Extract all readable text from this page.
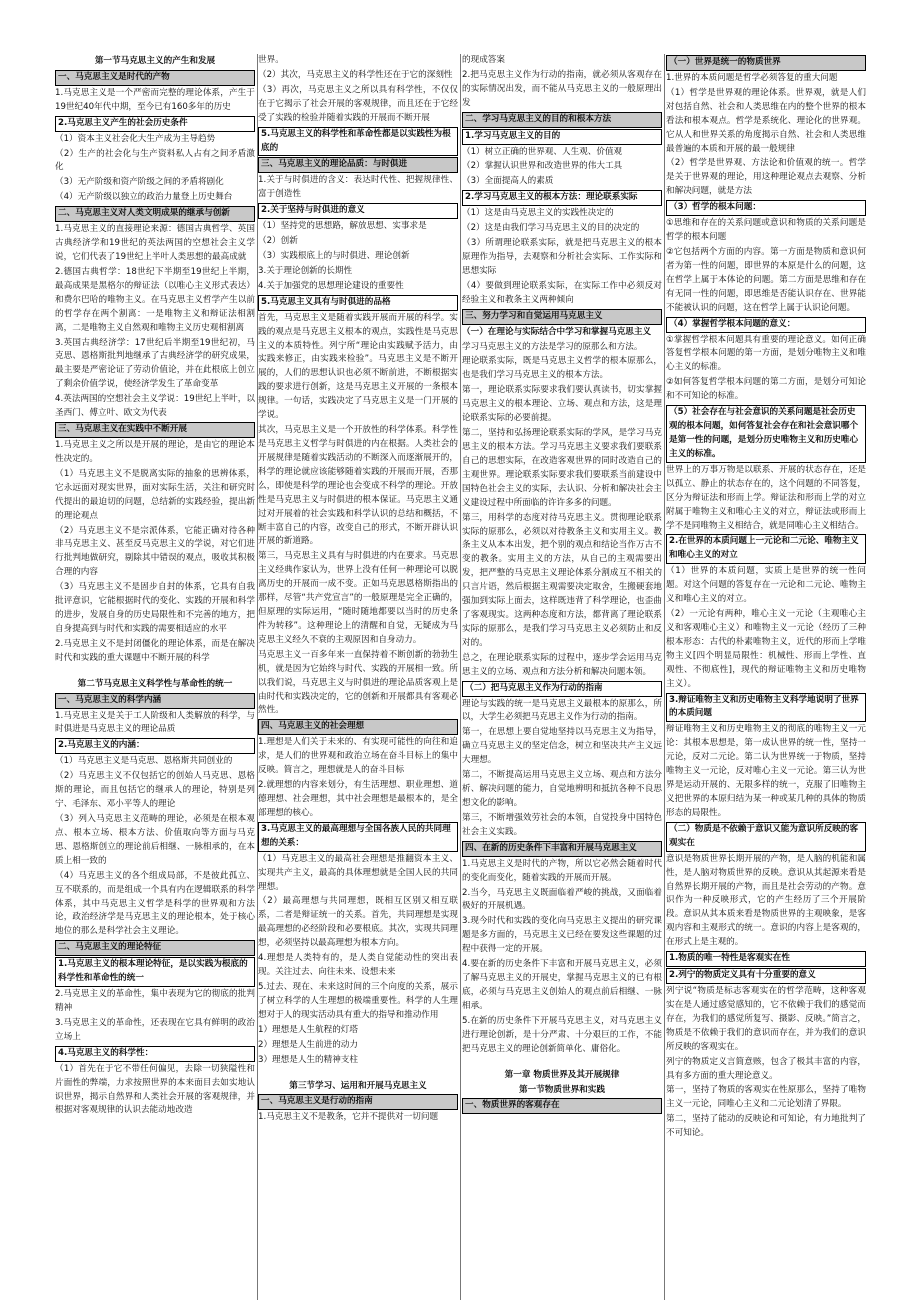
第一节马克思主义的产生和发展
一、马克思主义是时代的产物
1.马克思主义是一个严密而完整的理论体系，产生于19世纪40年代中期，至今已有160多年的历史
2.马克思主义产生的社会历史条件
（1）资本主义社会化大生产成为主导趋势
（2）生产的社会化与生产资料私人占有之间矛盾激化
（3）无产阶级和资产阶级之间的矛盾将剧化
（4）无产阶级以独立的政治力量登上历史舞台
二、马克思主义对人类文明成果的继承与创新
1.马克思主义的直接理论来源：德国古典哲学、英国古典经济学和19世纪的英法两国的空想社会主义学说，它们代表了19世纪上半叶人类思想的最高成就
2.德国古典哲学：18世纪下半期至19世纪上半期，最高成果是黑格尔的辩证法（以唯心主义形式表达）和费尔巴哈的唯物主义。在马克思主义哲学产生以前的哲学存在两个割离：一是唯物主义和辩证法相割离，二是唯物主义自然观和唯物主义历史观相割离
3.英国古典经济学：17世纪后半期至19世纪初，马克思、恩格斯批判地继承了古典经济学的研究成果，最主要是严密论证了劳动价值论，并在此根底上创立了剩余价值学说，使经济学发生了革命变革
4.英法两国的空想社会主义学说：19世纪上半叶，以圣西门、傅立叶、欧文为代表
三、马克思主义在实践中不断开展
1.马克思主义之所以是开展的理论，是由它的理论本性决定的。
（1）马克思主义不是脱离实际的抽象的思辨体系，它永远面对现实世界，面对实际生活，关注和研究时代提出的最迫切的问题，总结新的实践经验，提出新的理论观点
（2）马克思主义不是宗派体系，它能正确对待各种非马克思主义、甚至反马克思主义的学说，对它们进行批判地做研究，剔除其中错误的观点，吸收其积极合理的内容
（3）马克思主义不是固步自封的体系，它具有自我批评意识，它能根据时代的变化、实践的开展和科学的进步，发展自身的历史局限性和不完善的地方，把自身提高到与时代和实践的需要相适应的水平
2.马克思主义不是封闭僵化的理论体系，而是在解决时代和实践的重大课题中不断开展的科学
第二节马克思主义科学性与革命性的统一
一、马克思主义的科学内涵
1.马克思主义是关于工人阶级和人类解放的科学，与时俱进是马克思主义的理论品质
2.马克思主义的内涵：
（1）马克思主义是马克思、恩格斯共同创业的
（2）马克思主义不仅包括它的创始人马克思、恩格斯的理论，而且包括它的继承人的理论，特别是列宁、毛泽东、邓小平等人的理论
（3）列入马克思主义范畴的理论，必须是在根本观点、根本立场、根本方法、价值取向等方面与马克思、恩格斯创立的理论前后相继、一脉相承的，在本质上相一致的
（4）马克思主义的各个组成局部，不是彼此孤立、互不联系的，而是组成一个具有内在逻辑联系的科学体系，其中马克思主义哲学是科学的世界观和方法论，政治经济学是马克思主义的理论根本，处于核心地位的那么是科学社会主义理论。
二、马克思主义的理论特征
1.马克思主义的根本理论特征，是以实践为根底的科学性和革命性的统一
2.马克思主义的革命性，集中表现为它的彻底的批判精神
3.马克思主义的革命性，还表现在它具有鲜明的政治立场上
4.马克思主义的科学性：
（1）首先在于它不带任何偏见，去除一切狭隘性和片面性的弊端，力求按照世界的本来面目去如实地认识世界，揭示自然界和人类社会开展的客观规律，并根据对客观规律的认识去能动地改造
世界。
（2）其次，马克思主义的科学性还在于它的深刻性
（3）再次，马克思主义之所以具有科学性，不仅仅在于它揭示了社会开展的客观规律，而且还在于它经受了实践的检验并随着实践的开展而不断开展
5.马克思主义的科学性和革命性都是以实践性为根底的
三、马克思主义的理论品质：与时俱进
1.关于与时俱进的含义：表达时代性、把握规律性、富于创造性
2.关于坚持与时俱进的意义
（1）坚持党的思想路，解放思想、实事求是
（2）创新
（3）实践根底上的与时俱进、理论创新
3.关于理论创新的长期性
4.关于加强党的思想理论建设的重要性
5.马克思主义具有与时俱进的品格
首先，马克思主义是随着实践开展而开展的科学。实践的观点是马克思主义根本的观点，实践性是马克思主义的本质特性。列宁所“理论由实践赋予活力，由实践来修正，由实践来检验”。马克思主义是不断开展的，人们的思想认识也必须不断前进，不断根据实践的要求进行创新，这是马克思主义开展的一条根本规律。一句话，实践决定了马克思主义是一门开展的学说。
其次，马克思主义是一个开放性的科学体系。科学性是马克思主义哲学与时俱进的内在根据。人类社会的开展规律是随着实践活动的不断深入而逐渐展开的，科学的理论就应该能够随着实践的开展而开展，否那么，即使是科学的理论也会变成不科学的理论。开放性是马克思主义与时俱进的根本保证。马克思主义通过对开展着的社会实践和科学认识的总结和概括，不断丰富自己的内容，改变自己的形式，不断开辟认识开展的新道路。
第三，马克思主义具有与时俱进的内在要求。马克思主义经典作家认为，世界上没有任何一种理论可以脱离历史的开展而一成不变。正如马克思恩格斯指出的那样，尽管“共产党宣言”的一般原理是完全正确的，但原理的实际运用，“随时随地都要以当时的历史条件为转移”。这种理论上的清醒和自觉，无疑成为马克思主义经久不衰的主观原因和自身动力。
马克思主义一百多年来一直保持着不断创新的勃勃生机，就是因为它始终与时代、实践的开展相一致。所以我们说，马克思主义与时俱进的理论品质客观上是由时代和实践决定的，它的创新和开展都具有客观必然性。
四、马克思主义的社会理想
1.理想是人们关于未来的、有实现可能性的向往和追求，是人们的世界观和政治立场在奋斗目标上的集中反映。简言之，理想就是人的奋斗目标
2.就理想的内容来划分，有生活理想、职业理想、道德理想、社会理想，其中社会理想是最根本的，是全部理想的核心。
3.马克思主义的最高理想与全国各族人民的共同理想的关系：
（1）马克思主义的最高社会理想是推翻资本主义、实现共产主义，最高的具体理想就是全国人民的共同理想。
（2）最高理想与共同理想，既相互区别又相互联系，二者是辩证统一的关系。首先，共同理想是实现最高理想的必经阶段和必要根底。其次，实现共同理想，必须坚持以最高理想为根本方向。
4.理想是人类特有的，是人类自觉能动性的突出表现。关注过去、向往未来、设想未来
5.过去、现在、未来这时间的三个向度的关系，展示了树立科学的人生理想的极端重要性。科学的人生理想对于人的现实活动具有重大的指导和推动作用
1）理想是人生航程的灯塔
2）理想是人生前进的动力
3）理想是人生的精神支柱
第三节学习、运用和开展马克思主义
一、马克思主义是行动的指南
1.马克思主义不是教条，它并不提供对一切问题
的现成答案
2.把马克思主义作为行动的指南，就必须从客观存在的实际情况出发，而不能从马克思主义的一般原理出发
二、学习马克思主义的目的和根本方法
1.学习马克思主义的目的
（1）树立正确的世界观、人生观、价值观
（2）掌握认识世界和改造世界的伟大工具
（3）全面提高人的素质
2.学习马克思主义的根本方法：理论联系实际
（1）这是由马克思主义的实践性决定的
（2）这是由我们学习马克思主义的目的决定的
（3）所谓理论联系实际，就是把马克思主义的根本原理作为指导，去观察和分析社会实际、工作实际和思想实际
（4）要做到理论联系实际，在实际工作中必须反对经验主义和教条主义两种倾向
三、努力学习和自觉运用马克思主义
（一）在理论与实际结合中学习和掌握马克思主义
学习马克思主义的方法是学习的原那么和方法。
理论联系实际，既是马克思主义哲学的根本原那么，也是我们学习马克思主义的根本方法。
第一，理论联系实际要求我们要认真读书，切实掌握马克思主义的根本理论、立场、观点和方法，这是理论联系实际的必要前提。
第二，坚持和弘扬理论联系实际的学风，是学习马克思主义的根本方法。学习马克思主义要求我们要联系自己的思想实际，在改造客观世界的同时改造自己的主观世界。理论联系实际要求我们要联系当前建设中国特色社会主义的实际，去认识、分析和解决社会主义建设过程中所面临的许许多多的问题。
第三，用科学的态度对待马克思主义。贯彻理论联系实际的原那么，必须以对待教条主义和实用主义。教条主义从本本出发，把个别的观点和结论当作万古不变的教条。实用主义的方法，从自己的主观需要出发，把严整的马克思主义理论体系分割成互不相关的只言片语，然后根据主观需要决定取舍，生搬硬套地强加到实际上面去，这样既违背了科学理论，也歪曲了客观现实。这两种态度和方法，都背离了理论联系实际的原那么，是我们学习马克思主义必须防止和反对的。
总之，在理论联系实际的过程中，逐步学会运用马克思主义的立场、观点和方法分析和解决问题本领。
（二）把马克思主义作为行动的指南
理论与实践的统一是马克思主义最根本的原那么，所以，大学生必须把马克思主义作为行动的指南。
第一，在思想上要自觉地坚持以马克思主义为指导，确立马克思主义的坚定信念，树立和坚决共产主义远大理想。
第二，不断提高运用马克思主义立场、观点和方法分析、解决问题的能力，自觉地辨明和抵抗各种不良思想文化的影响。
第三，不断增强效劳社会的本领，自觉投身中国特色社会主义实践。
四、在新的历史条件下丰富和开展马克思主义
1.马克思主义是时代的产物，所以它必然会随着时代的变化而变化，随着实践的开展而开展。
2.当今，马克思主义既面临着严峻的挑战，又面临着极好的开展机遇。
3.现今时代和实践的变化向马克思主义提出的研究课题是多方面的，马克思主义已经在要发这些课题的过程中获得一定的开展。
4.要在新的历史条件下丰富和开展马克思主义，必须了解马克思主义的开展史，掌握马克思主义的已有根底，必须与马克思主义创始人的观点前后相继、一脉相承。
5.在新的历史条件下开展马克思主义，对马克思主义进行理论创新，是十分严肃、十分艰巨的工作，不能把马克思主义的理论创新简单化、庸俗化。
第一章 物质世界及其开展规律
第一节物质世界和实践
一、物质世界的客观存在
（一）世界是统一的物质世界
1.世界的本质问题是哲学必须答复的重大问题
（1）哲学是世界观的理论体系。世界观，就是人们对包括自然、社会和人类思维在内的整个世界的根本看法和根本观点。哲学是系统化、理论化的世界观。它从人和世界关系的角度揭示自然、社会和人类思维最普遍的本质和开展的最一般规律
（2）哲学是世界观、方法论和价值观的统一。哲学是关于世界观的理论，用这种理论观点去观察、分析和解决问题，就是方法
（3）哲学的根本问题：
①思维和存在的关系问题或意识和物质的关系问题是哲学的根本问题
②它包括两个方面的内容。第一方面是物质和意识何者为第一性的问题，即世界的本原是什么的问题，这在哲学上属于本体论的问题。第二方面是思维和存在有无同一性的问题，即思维是否能认识存在、世界能不能被认识的问题，这在哲学上属于认识论问题。
（4）掌握哲学根本问题的意义：
①掌握哲学根本问题具有重要的理论意义。如何正确答复哲学根本问题的第一方面，是划分唯物主义和唯心主义的标准。
②如何答复哲学根本问题的第二方面，是划分可知论和不可知论的标准。
（5）社会存在与社会意识的关系问题是社会历史观的根本问题，如何答复社会存在和社会意识哪个是第一性的问题，是划分历史唯物主义和历史唯心主义的标准。
世界上的万事万物是以联系、开展的状态存在，还是以孤立、静止的状态存在的，这个问题的不同答复，区分为辩证法和形而上学。辩证法和形而上学的对立附属于唯物主义和唯心主义的对立，辩证法或形而上学不是同唯物主义相结合，就是同唯心主义相结合。
2.在世界的本质问题上一元论和二元论、唯物主义和唯心主义的对立
（1）世界的本质问题，实质上是世界的统一性问题。对这个问题的答复存在一元论和二元论、唯物主义和唯心主义的对立。
（2）一元论有两种，唯心主义一元论（主观唯心主义和客观唯心主义）和唯物主义一元论（经历了三种根本形态：古代的朴素唯物主义，近代的形而上学唯物主义[四个明显局限性：机械性、形而上学性、直观性、不彻底性]，现代的辩证唯物主义和历史唯物主义）。
3.辩证唯物主义和历史唯物主义科学地说明了世界的本质问题
辩证唯物主义和历史唯物主义的彻底的唯物主义一元论：其根本思想是，第一成认世界的统一性，坚持一元论，反对二元论。第二认为世界统一于物质，坚持唯物主义一元论，反对唯心主义一元论。第三认为世界是运动开展的、无限多样的统一，克服了旧唯物主义把世界的本原归结为某一种或某几种的具体的物质形态的局限性。
（二）物质是不依赖于意识又能为意识所反映的客观实在
意识是物质世界长期开展的产物，是人脑的机能和属性，是人脑对物质世界的反映。意识从其起源来看是自然界长期开展的产物，而且是社会劳动的产物。意识作为一种反映形式，它的产生经历了三个开展阶段。意识从其本质来看是物质世界的主观映象，是客观内容和主观形式的统一。意识的内容上是客观的，在形式上是主观的。
1.物质的唯一特性是客观实在性
2.列宁的物质定义具有十分重要的意义
列宁说“物质是标志客观实在的哲学范畴，这种客观实在是人通过感觉感知的，它不依赖于我们的感觉而存在，为我们的感觉所复写、摄影、反映。”简言之，物质是不依赖于我们的意识而存在，并为我们的意识所反映的客观实在。
列宁的物质定义言简意赅，包含了极其丰富的内容，具有多方面的重大理论意义。
第一，坚持了物质的客观实在性原那么，坚持了唯物主义一元论，同唯心主义和二元论划清了界限。
第二，坚持了能动的反映论和可知论，有力地批判了不可知论。
